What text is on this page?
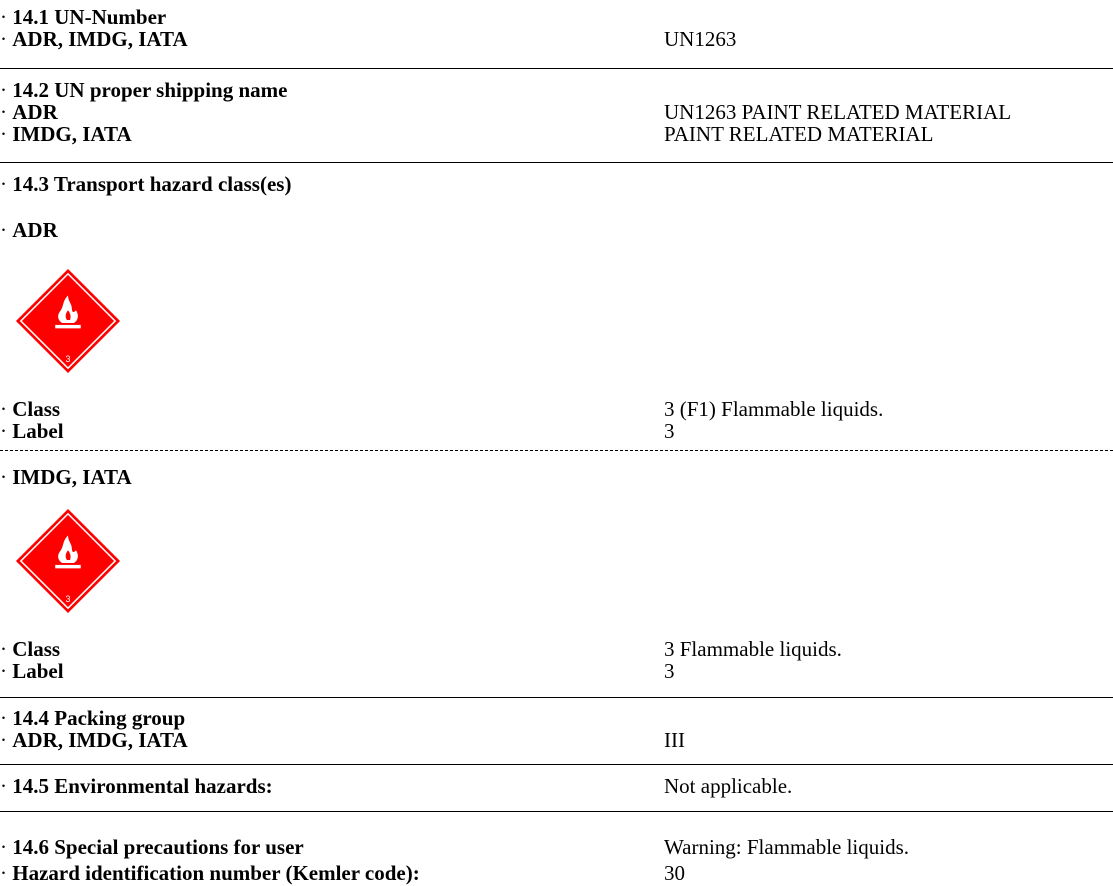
· 14.1 UN-Number
· ADR, IMDG, IATA	UN1263
· 14.2 UN proper shipping name
· ADR	UN1263 PAINT RELATED MATERIAL
· IMDG, IATA	PAINT RELATED MATERIAL
· 14.3 Transport hazard class(es)
· ADR
3
· Class	3 (F1) Flammable liquids.
· Label	3
· IMDG, IATA
3
· Class	3 Flammable liquids.
· Label	3
· 14.4 Packing group
· ADR, IMDG, IATA	III
· 14.5 Environmental hazards:	Not applicable.
· 14.6 Special precautions for user	Warning: Flammable liquids.
· Hazard identification number (Kemler code):	30
